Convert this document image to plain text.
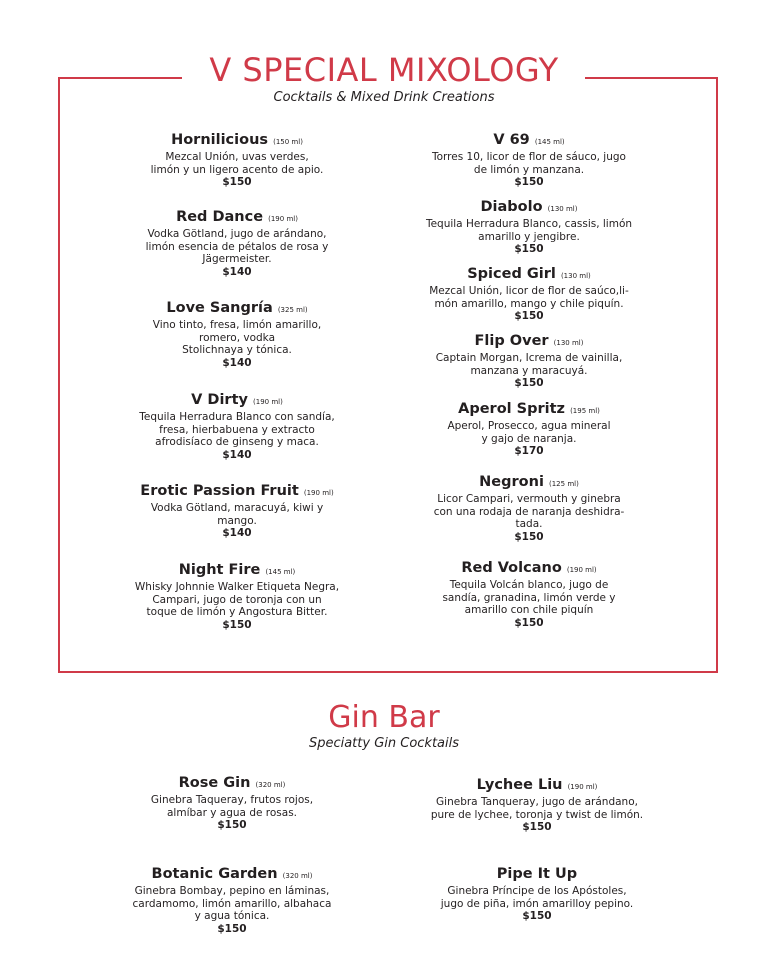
V SPECIAL MIXOLOGY
Cocktails & Mixed Drink Creations
Hornilicious (150 ml)
Mezcal Unión, uvas verdes,
limón y un ligero acento de apio.
$150
Red Dance (190 ml)
Vodka Götland, jugo de arándano,
limón esencia de pétalos de rosa y
Jägermeister.
$140
Love Sangría (325 ml)
Vino tinto, fresa, limón amarillo,
romero, vodka
Stolichnaya y tónica.
$140
V Dirty (190 ml)
Tequila Herradura Blanco con sandía,
fresa, hierbabuena y extracto
afrodisíaco de ginseng y maca.
$140
Erotic Passion Fruit (190 ml)
Vodka Götland, maracuyá, kiwi y
mango.
$140
Night Fire (145 ml)
Whisky Johnnie Walker Etiqueta Negra,
Campari, jugo de toronja con un
toque de limón y Angostura Bitter.
$150
V 69 (145 ml)
Torres 10, licor de flor de sáuco, jugo
de limón y manzana.
$150
Diabolo (130 ml)
Tequila Herradura Blanco, cassis, limón
amarillo y jengibre.
$150
Spiced Girl (130 ml)
Mezcal Unión, licor de flor de saúco,li-
món amarillo, mango y chile piquín.
$150
Flip Over (130 ml)
Captain Morgan, Icrema de vainilla,
manzana y maracuyá.
$150
Aperol Spritz (195 ml)
Aperol, Prosecco, agua mineral
y gajo de naranja.
$170
Negroni (125 ml)
Licor Campari, vermouth y ginebra
con una rodaja de naranja deshidra-
tada.
$150
Red Volcano (190 ml)
Tequila Volcán blanco, jugo de
sandía, granadina, limón verde y
amarillo con chile piquín
$150
Gin Bar
Speciatty Gin Cocktails
Rose Gin (320 ml)
Ginebra Taqueray, frutos rojos,
almíbar y agua de rosas.
$150
Botanic Garden (320 ml)
Ginebra Bombay, pepino en láminas,
cardamomo, limón amarillo, albahaca
y agua tónica.
$150
Lychee Liu (190 ml)
Ginebra Tanqueray, jugo de arándano,
pure de lychee, toronja y twist de limón.
$150
Pipe It Up
Ginebra Príncipe de los Apóstoles,
jugo de piña, imón amarilloy pepino.
$150
